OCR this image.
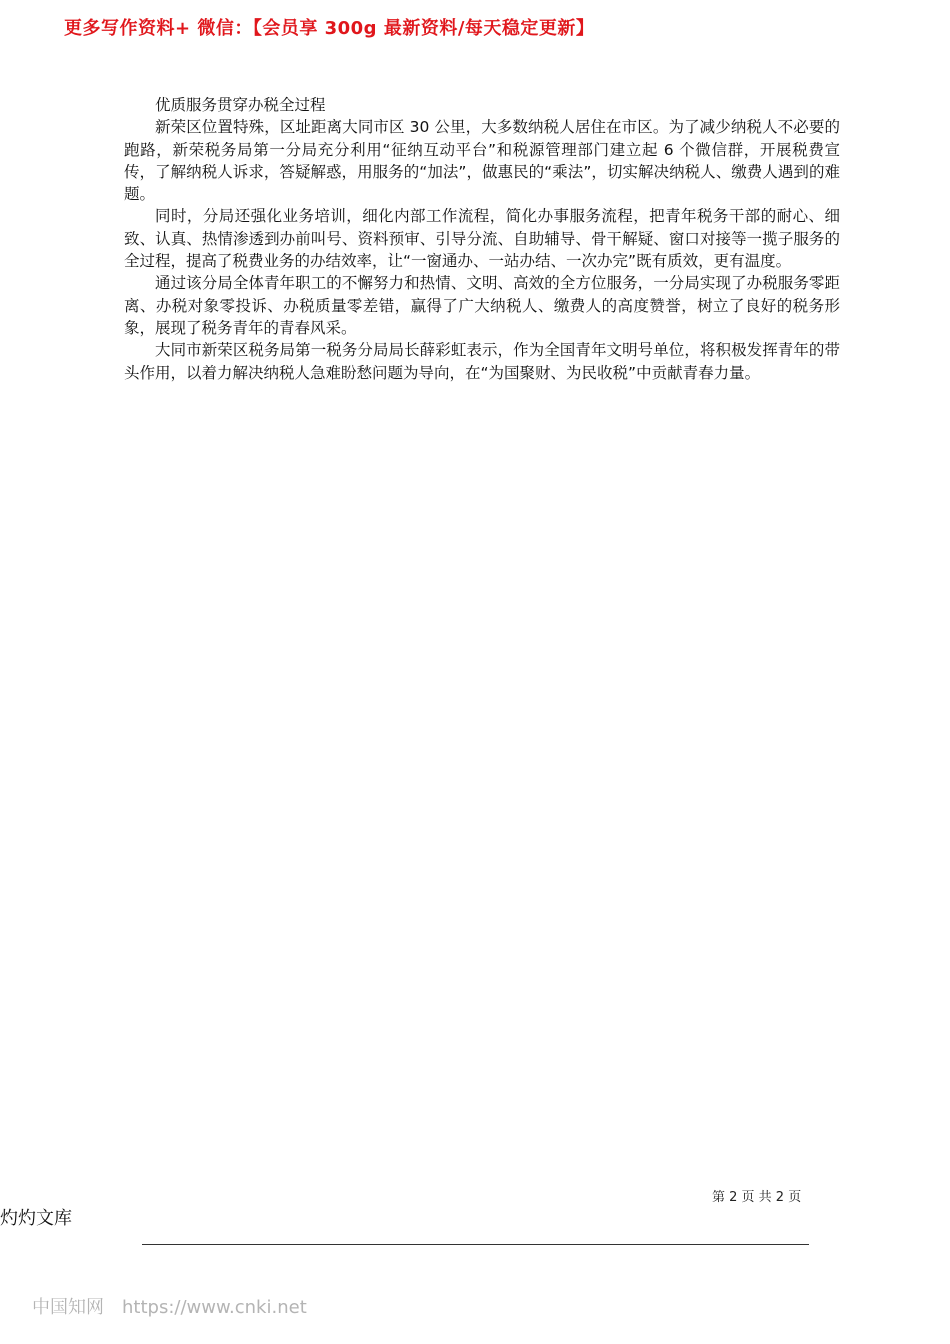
更多写作资料+ 微信：【会员享 300g 最新资料/每天稳定更新】

优质服务贯穿办税全过程

新荣区位置特殊，区址距离大同市区 30 公里，大多数纳税人居住在市区。为了减少纳税人不必要的跑路，新荣税务局第一分局充分利用“征纳互动平台”和税源管理部门建立起 6 个微信群，开展税费宣传，了解纳税人诉求，答疑解惑，用服务的“加法”，做惠民的“乘法”，切实解决纳税人、缴费人遇到的难题。

同时，分局还强化业务培训，细化内部工作流程，简化办事服务流程，把青年税务干部的耐心、细致、认真、热情渗透到办前叫号、资料预审、引导分流、自助辅导、骨干解疑、窗口对接等一揽子服务的全过程，提高了税费业务的办结效率，让“一窗通办、一站办结、一次办完”既有质效，更有温度。

通过该分局全体青年职工的不懈努力和热情、文明、高效的全方位服务，一分局实现了办税服务零距离、办税对象零投诉、办税质量零差错，赢得了广大纳税人、缴费人的高度赞誉，树立了良好的税务形象，展现了税务青年的青春风采。

大同市新荣区税务局第一税务分局局长薛彩虹表示，作为全国青年文明号单位，将积极发挥青年的带头作用，以着力解决纳税人急难盼愁问题为导向，在“为国聚财、为民收税”中贡献青春力量。

第 2 页 共 2 页
灼灼文库
中国知网 https://www.cnki.net
